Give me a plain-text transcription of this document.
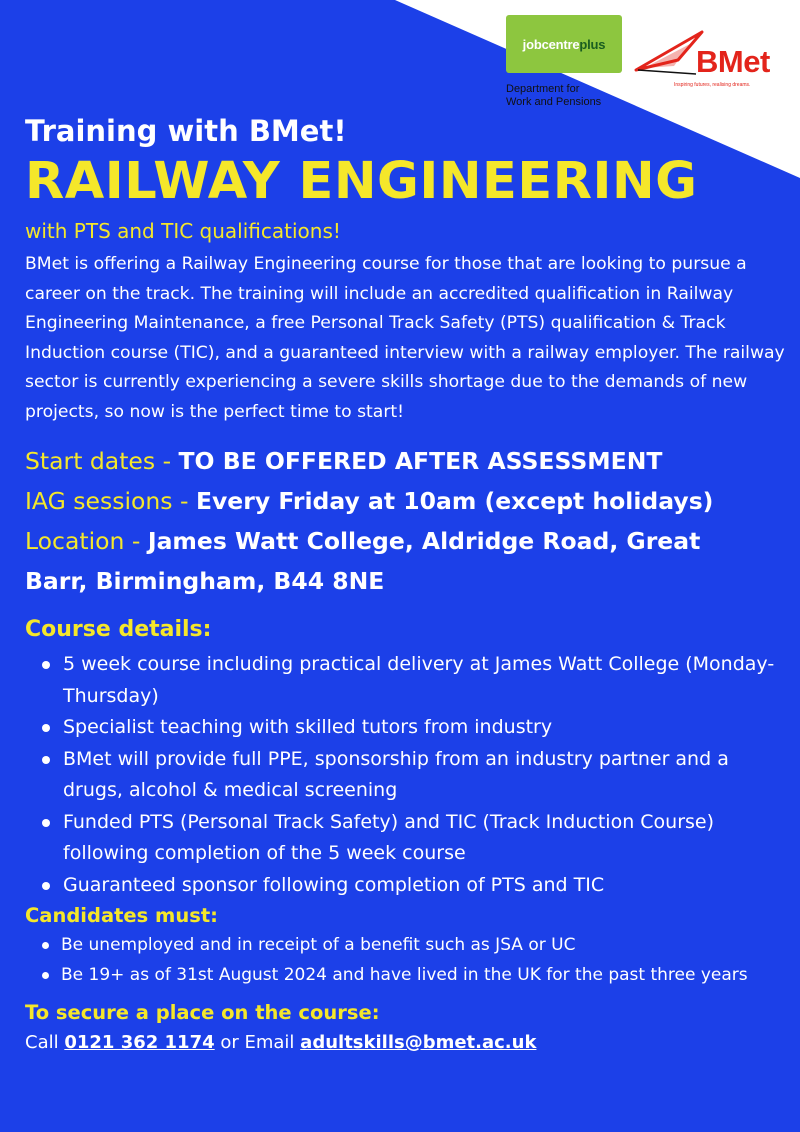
jobcentre plus
Department for
Work and Pensions
BMet
Inspiring futures, realising dreams.

Training with BMet!

RAILWAY ENGINEERING

with PTS and TIC qualifications!

BMet is offering a Railway Engineering course for those that are looking to pursue a career on the track. The training will include an accredited qualification in Railway Engineering Maintenance, a free Personal Track Safety (PTS) qualification & Track Induction course (TIC), and a guaranteed interview with a railway employer. The railway sector is currently experiencing a severe skills shortage due to the demands of new projects, so now is the perfect time to start!

Start dates - TO BE OFFERED AFTER ASSESSMENT
IAG sessions - Every Friday at 10am (except holidays)
Location - James Watt College, Aldridge Road, Great
Barr, Birmingham, B44 8NE
Course details:
5 week course including practical delivery at James Watt College (Monday-Thursday)
Specialist teaching with skilled tutors from industry
BMet will provide full PPE, sponsorship from an industry partner and a drugs, alcohol & medical screening
Funded PTS (Personal Track Safety) and TIC (Track Induction Course) following completion of the 5 week course
Guaranteed sponsor following completion of PTS and TIC
Candidates must:
Be unemployed and in receipt of a benefit such as JSA or UC
Be 19+ as of 31st August 2024 and have lived in the UK for the past three years
To secure a place on the course:
Call 0121 362 1174 or Email adultskills@bmet.ac.uk
